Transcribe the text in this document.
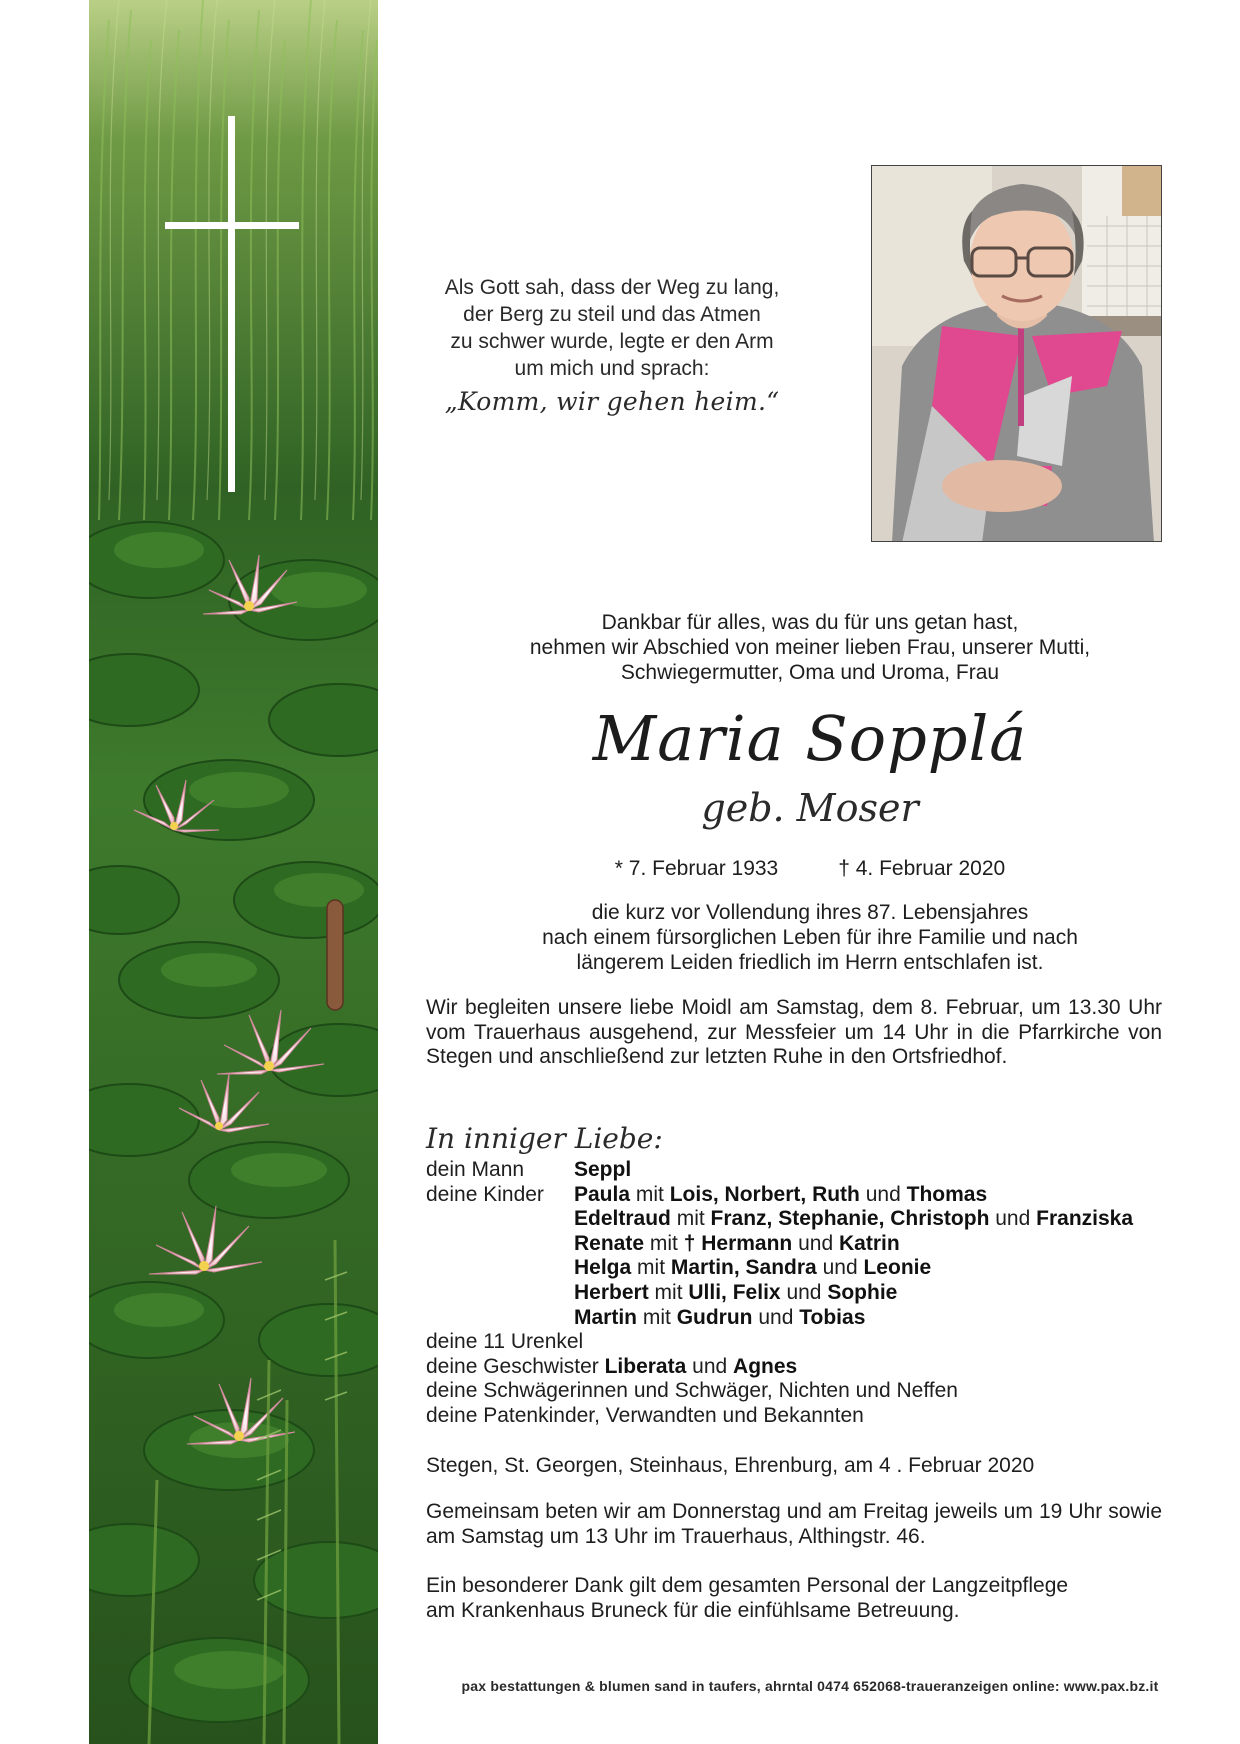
Als Gott sah, dass der Weg zu lang,
der Berg zu steil und das Atmen
zu schwer wurde, legte er den Arm
um mich und sprach:
„Komm, wir gehen heim.“
Dankbar für alles, was du für uns getan hast,
nehmen wir Abschied von meiner lieben Frau, unserer Mutti,
Schwiegermutter, Oma und Uroma, Frau
Maria Sopplá
geb. Moser
* 7. Februar 1933	† 4. Februar 2020
die kurz vor Vollendung ihres 87. Lebensjahres
nach einem fürsorglichen Leben für ihre Familie und nach
längerem Leiden friedlich im Herrn entschlafen ist.
Wir begleiten unsere liebe Moidl am Samstag, dem 8. Februar, um 13.30 Uhr vom Trauerhaus ausgehend, zur Messfeier um 14 Uhr in die Pfarrkirche von Stegen und anschließend zur letzten Ruhe in den Ortsfriedhof.
In inniger Liebe:
dein Mann	Seppl
deine Kinder	Paula mit Lois, Norbert, Ruth und Thomas
Edeltraud mit Franz, Stephanie, Christoph und Franziska
Renate mit † Hermann und Katrin
Helga mit Martin, Sandra und Leonie
Herbert mit Ulli, Felix und Sophie
Martin mit Gudrun und Tobias
deine 11 Urenkel
deine Geschwister Liberata und Agnes
deine Schwägerinnen und Schwäger, Nichten und Neffen
deine Patenkinder, Verwandten und Bekannten
Stegen, St. Georgen, Steinhaus, Ehrenburg, am 4 . Februar 2020
Gemeinsam beten wir am Donnerstag und am Freitag jeweils um 19 Uhr sowie am Samstag um 13 Uhr im Trauerhaus, Althingstr. 46.
Ein besonderer Dank gilt dem gesamten Personal der Langzeitpflege
am Krankenhaus Bruneck für die einfühlsame Betreuung.
pax bestattungen & blumen sand in taufers, ahrntal 0474 652068-traueranzeigen online: www.pax.bz.it
